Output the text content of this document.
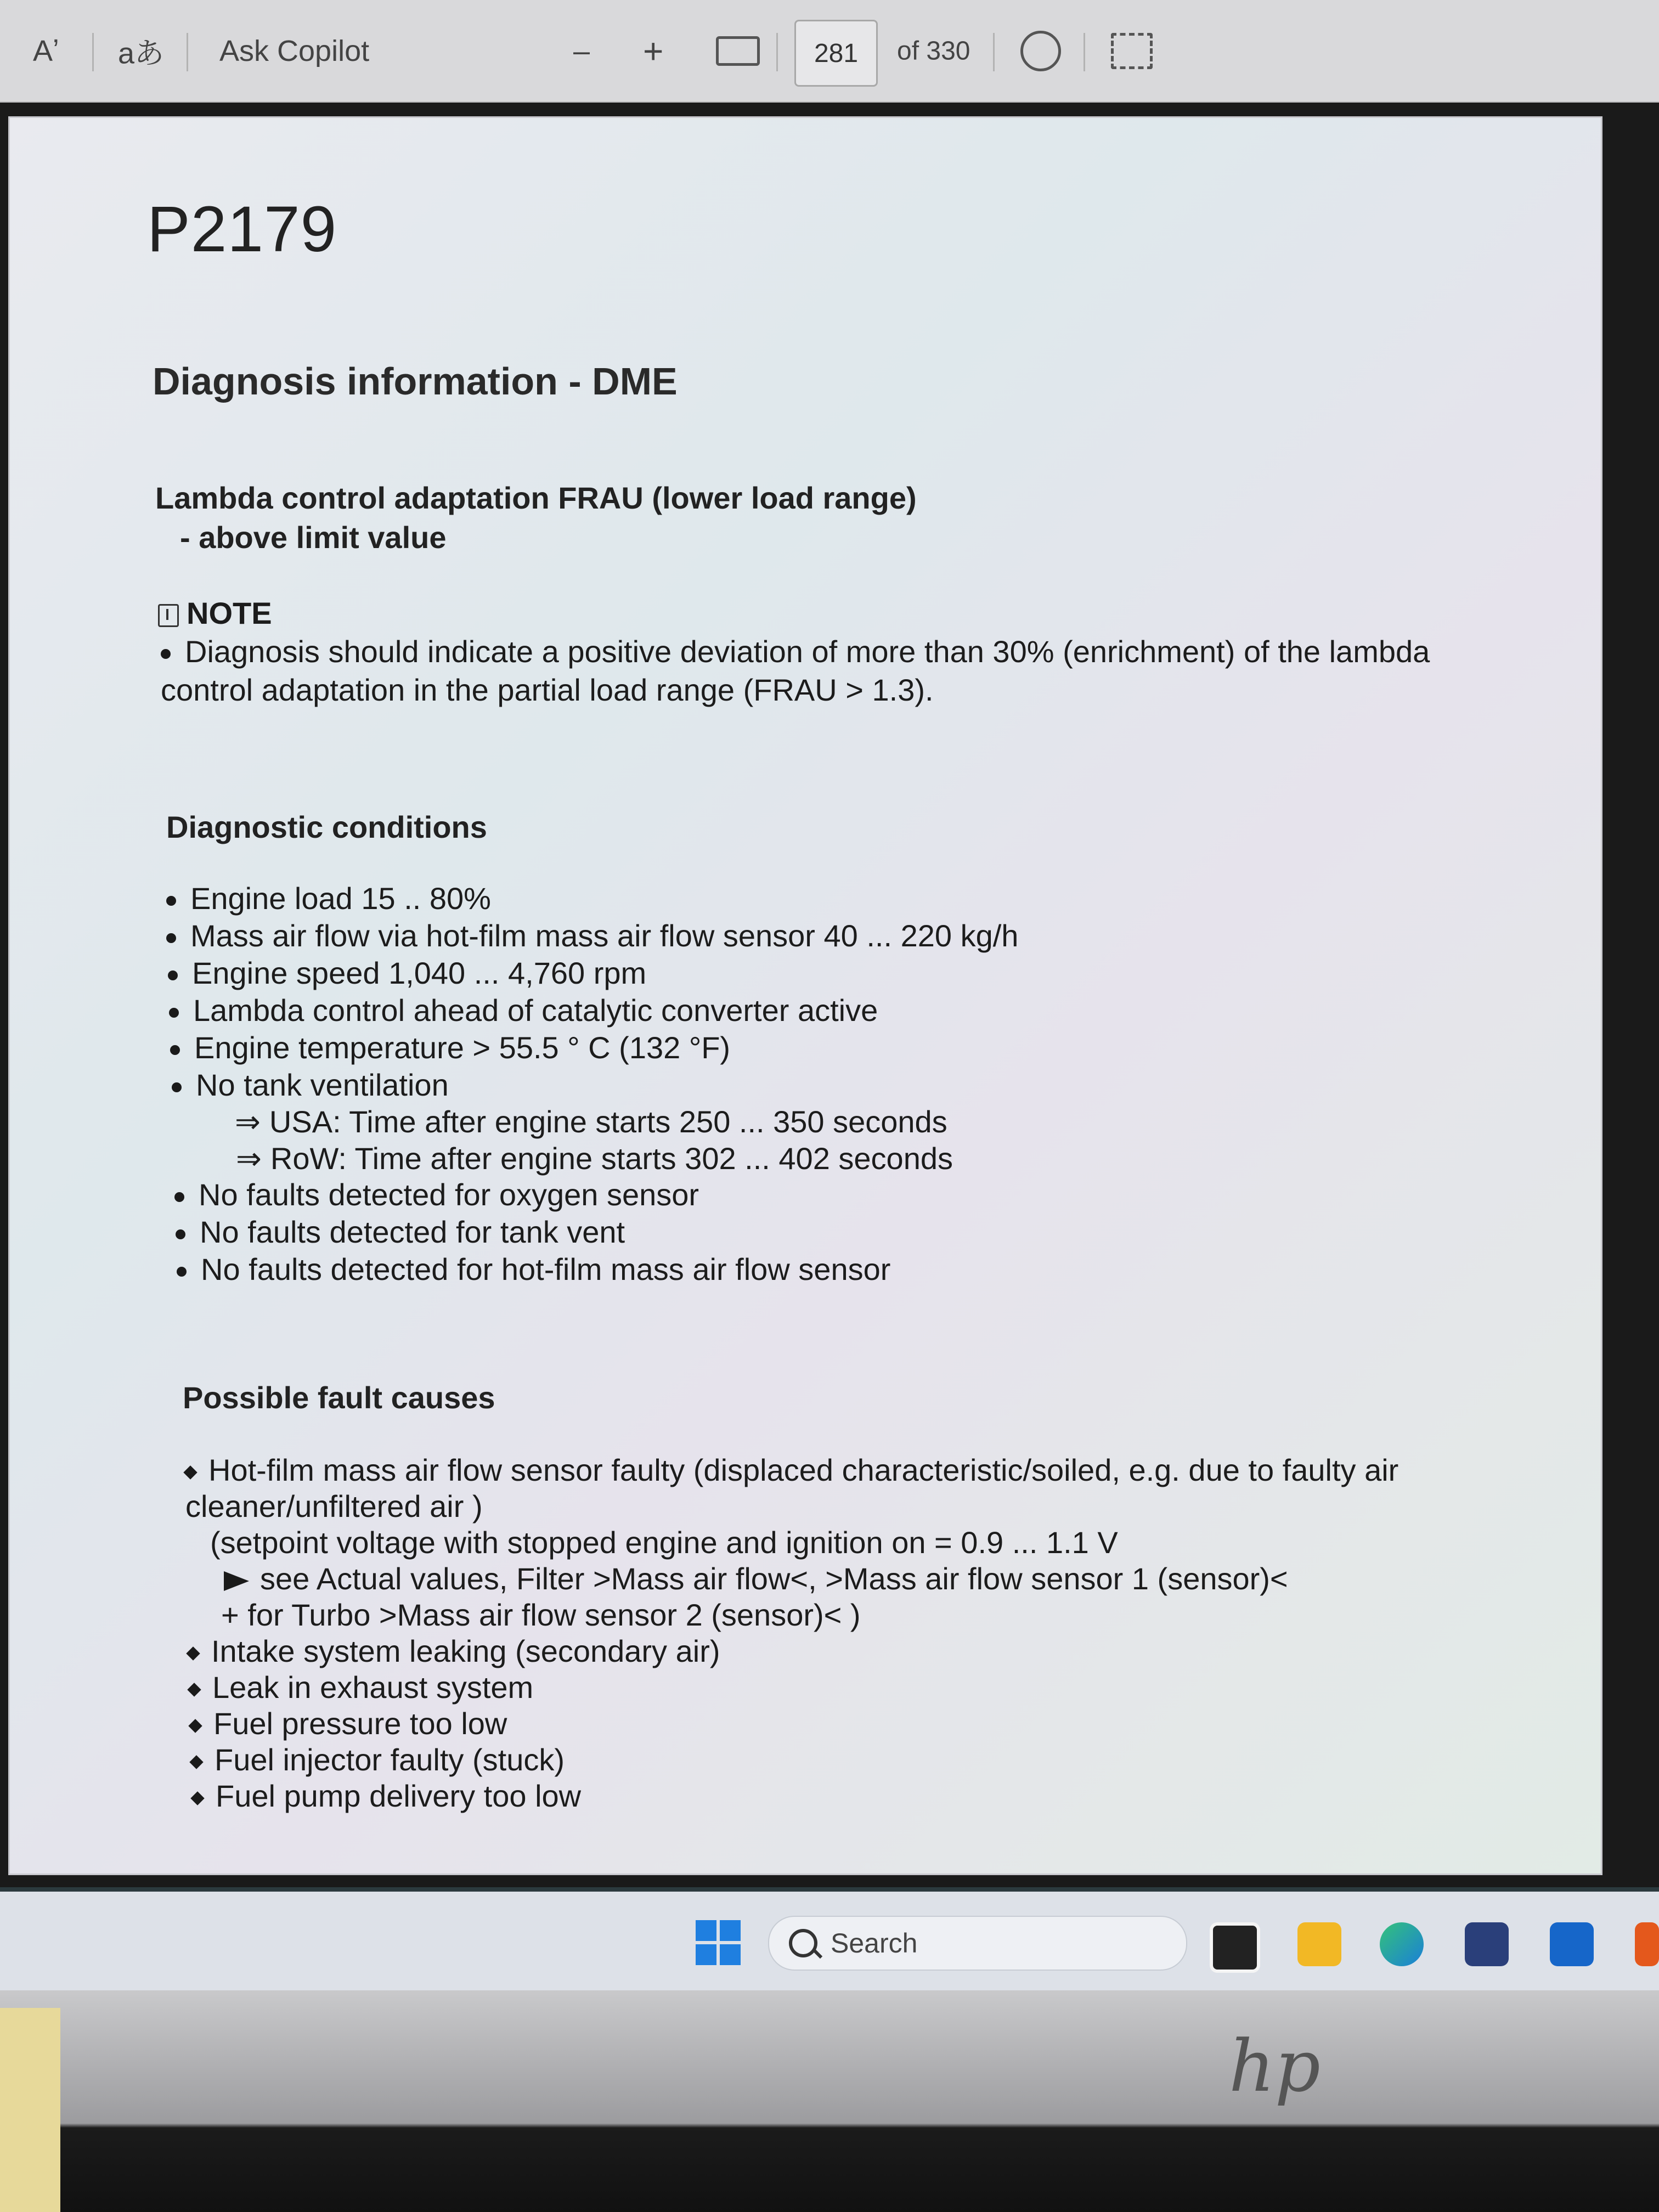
Aʼ aあ Ask Copilot	– +	281	of 330
P2179
Diagnosis information - DME
Lambda control adaptation FRAU (lower load range)
- above limit value
NOTE
Diagnosis should indicate a positive deviation of more than 30% (enrichment) of the lambda
control adaptation in the partial load range (FRAU > 1.3).
Diagnostic conditions
Engine load 15 .. 80%
Mass air flow via hot-film mass air flow sensor 40 ... 220 kg/h
Engine speed 1,040 ... 4,760 rpm
Lambda control ahead of catalytic converter active
Engine temperature > 55.5 ° C (132 °F)
No tank ventilation
⇒ USA: Time after engine starts 250 ... 350 seconds
⇒ RoW: Time after engine starts 302 ... 402 seconds
No faults detected for oxygen sensor
No faults detected for tank vent
No faults detected for hot-film mass air flow sensor
Possible fault causes
Hot-film mass air flow sensor faulty (displaced characteristic/soiled, e.g. due to faulty air
cleaner/unfiltered air )
(setpoint voltage with stopped engine and ignition on = 0.9 ... 1.1 V
see Actual values, Filter >Mass air flow<, >Mass air flow sensor 1 (sensor)<
+ for Turbo >Mass air flow sensor 2 (sensor)< )
Intake system leaking (secondary air)
Leak in exhaust system
Fuel pressure too low
Fuel injector faulty (stuck)
Fuel pump delivery too low
Search
hp
